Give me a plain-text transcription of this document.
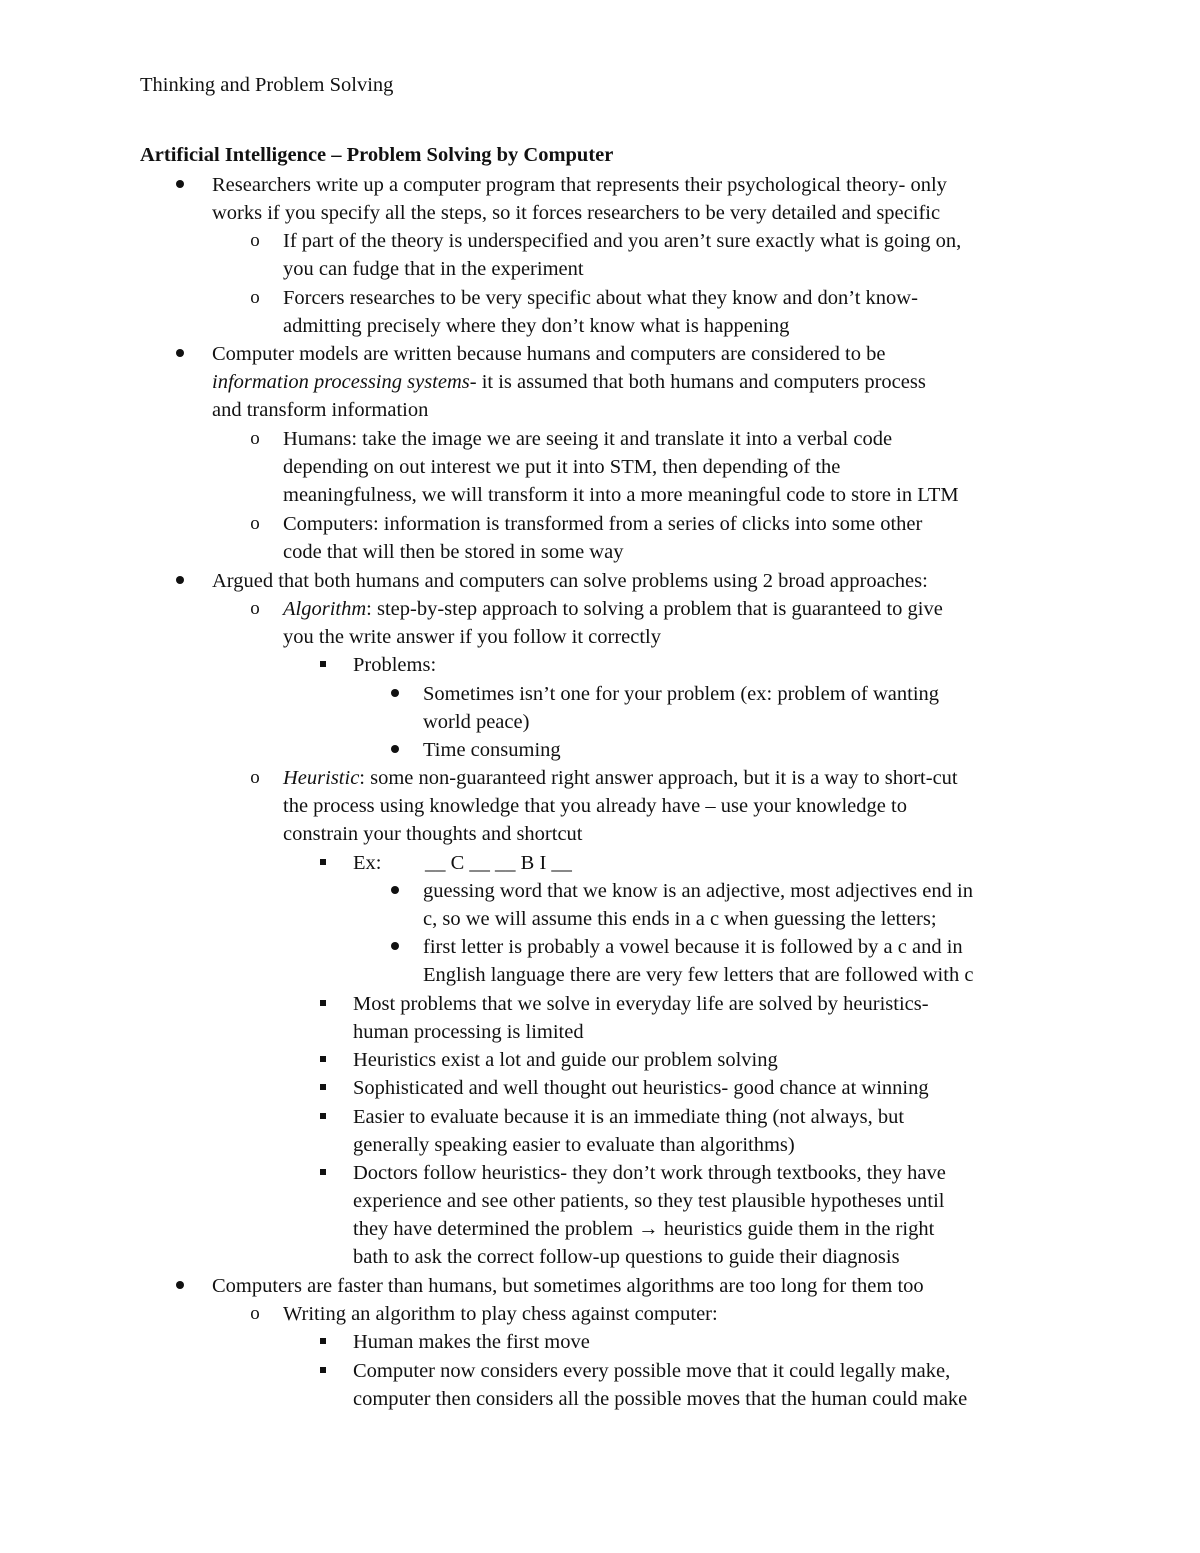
Thinking and Problem Solving
Artificial Intelligence – Problem Solving by Computer
Researchers write up a computer program that represents their psychological theory- only
works if you specify all the steps, so it forces researchers to be very detailed and specific
o If part of the theory is underspecified and you aren’t sure exactly what is going on,
you can fudge that in the experiment
o Forcers researches to be very specific about what they know and don’t know-
admitting precisely where they don’t know what is happening
Computer models are written because humans and computers are considered to be
information processing systems- it is assumed that both humans and computers process
and transform information
o Humans: take the image we are seeing it and translate it into a verbal code
depending on out interest we put it into STM, then depending of the
meaningfulness, we will transform it into a more meaningful code to store in LTM
o Computers: information is transformed from a series of clicks into some other
code that will then be stored in some way
Argued that both humans and computers can solve problems using 2 broad approaches:
o Algorithm: step-by-step approach to solving a problem that is guaranteed to give
you the write answer if you follow it correctly
Problems:
Sometimes isn’t one for your problem (ex: problem of wanting
world peace)
Time consuming
o Heuristic: some non-guaranteed right answer approach, but it is a way to short-cut
the process using knowledge that you already have – use your knowledge to
constrain your thoughts and shortcut
Ex: __ C __ __ B I __
guessing word that we know is an adjective, most adjectives end in
c, so we will assume this ends in a c when guessing the letters;
first letter is probably a vowel because it is followed by a c and in
English language there are very few letters that are followed with c
Most problems that we solve in everyday life are solved by heuristics-
human processing is limited
Heuristics exist a lot and guide our problem solving
Sophisticated and well thought out heuristics- good chance at winning
Easier to evaluate because it is an immediate thing (not always, but
generally speaking easier to evaluate than algorithms)
Doctors follow heuristics- they don’t work through textbooks, they have
experience and see other patients, so they test plausible hypotheses until
they have determined the problem → heuristics guide them in the right
bath to ask the correct follow-up questions to guide their diagnosis
Computers are faster than humans, but sometimes algorithms are too long for them too
o Writing an algorithm to play chess against computer:
Human makes the first move
Computer now considers every possible move that it could legally make,
computer then considers all the possible moves that the human could make
